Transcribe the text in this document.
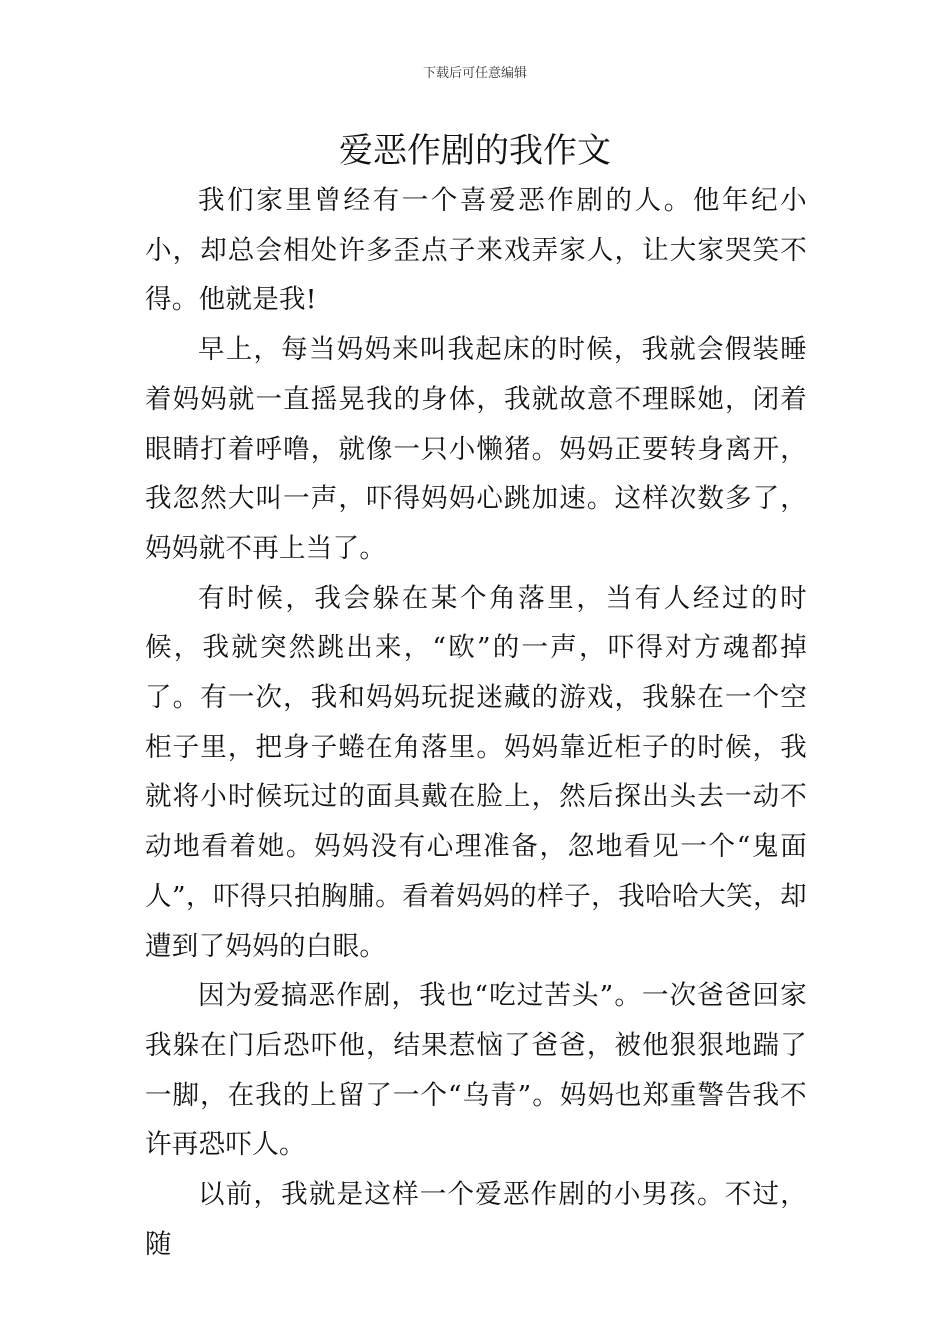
下载后可任意编辑
爱恶作剧的我作文

我们家里曾经有一个喜爱恶作剧的人。他年纪小小，却总会相处许多歪点子来戏弄家人，让大家哭笑不得。他就是我!

早上，每当妈妈来叫我起床的时候，我就会假装睡着妈妈就一直摇晃我的身体，我就故意不理睬她，闭着眼睛打着呼噜，就像一只小懒猪。妈妈正要转身离开，我忽然大叫一声，吓得妈妈心跳加速。这样次数多了，妈妈就不再上当了。

有时候，我会躲在某个角落里，当有人经过的时候，我就突然跳出来，“欧”的一声，吓得对方魂都掉了。有一次，我和妈妈玩捉迷藏的游戏，我躲在一个空柜子里，把身子蜷在角落里。妈妈靠近柜子的时候，我就将小时候玩过的面具戴在脸上，然后探出头去一动不动地看着她。妈妈没有心理准备，忽地看见一个“鬼面人”，吓得只拍胸脯。看着妈妈的样子，我哈哈大笑，却遭到了妈妈的白眼。

因为爱搞恶作剧，我也“吃过苦头”。一次爸爸回家我躲在门后恐吓他，结果惹恼了爸爸，被他狠狠地踹了一脚，在我的上留了一个“乌青”。妈妈也郑重警告我不许再恐吓人。

以前，我就是这样一个爱恶作剧的小男孩。不过，随
